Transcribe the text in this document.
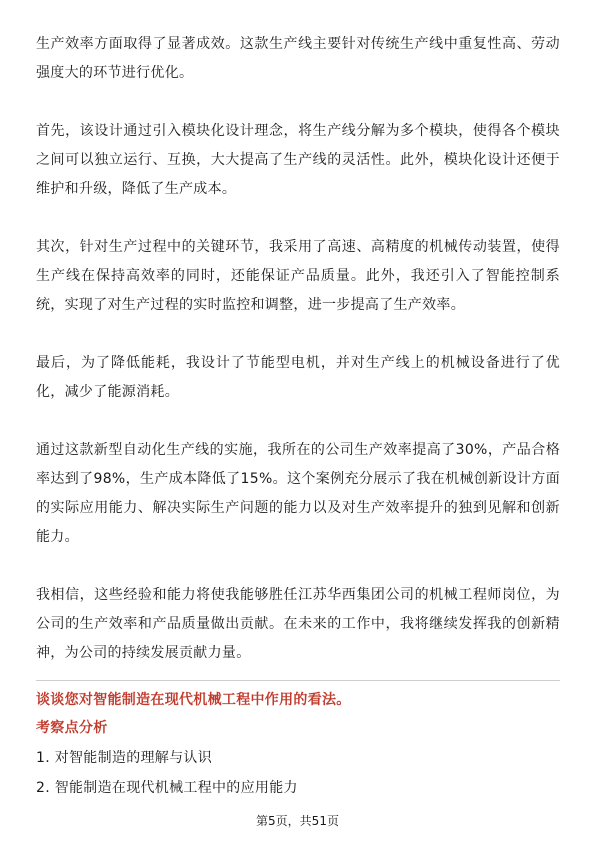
生产效率方面取得了显著成效。这款生产线主要针对传统生产线中重复性高、劳动强度大的环节进行优化。

首先，该设计通过引入模块化设计理念，将生产线分解为多个模块，使得各个模块之间可以独立运行、互换，大大提高了生产线的灵活性。此外，模块化设计还便于维护和升级，降低了生产成本。

其次，针对生产过程中的关键环节，我采用了高速、高精度的机械传动装置，使得生产线在保持高效率的同时，还能保证产品质量。此外，我还引入了智能控制系统，实现了对生产过程的实时监控和调整，进一步提高了生产效率。

最后，为了降低能耗，我设计了节能型电机，并对生产线上的机械设备进行了优化，减少了能源消耗。

通过这款新型自动化生产线的实施，我所在的公司生产效率提高了30%，产品合格率达到了98%，生产成本降低了15%。这个案例充分展示了我在机械创新设计方面的实际应用能力、解决实际生产问题的能力以及对生产效率提升的独到见解和创新能力。

我相信，这些经验和能力将使我能够胜任江苏华西集团公司的机械工程师岗位，为公司的生产效率和产品质量做出贡献。在未来的工作中，我将继续发挥我的创新精神，为公司的持续发展贡献力量。

谈谈您对智能制造在现代机械工程中作用的看法。
考察点分析
1. 对智能制造的理解与认识
2. 智能制造在现代机械工程中的应用能力
第5页，共51页
